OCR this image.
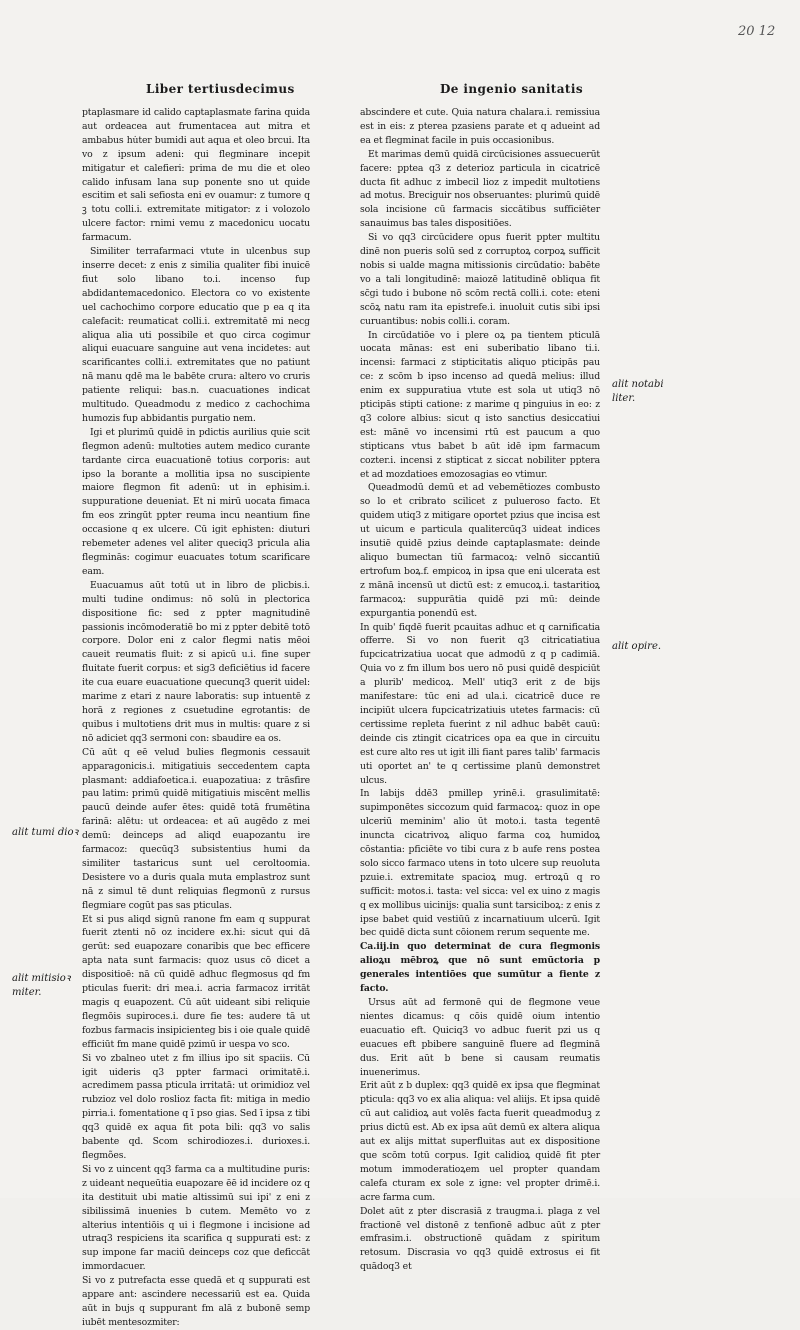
20 12
Liber tertiusdecimus	De ingenio sanitatis

ptaplasmare id calido captaplasmate farina quida aut ordeacea aut frumentacea aut mitra et ambabus hu̇ter bumidi aut aqua et oleo brcui. Ita vo z ipsum adeni: qui flegminare incepit mitigatur et calefieri: prima de mu die et oleo calido infusam lana sup ponente sno ut quide escitim et sali sefiosta eni ev ouamur: z tumore q ꝫ totu colli.i. extremitate mitigator: z i volozolo ulcere factor: rnimi vemu z macedonicu uocatu farmacum.

Similiter terrafarmaci vtute in ulcenbus sup inserre decet: z enis z similia qualiter fibi inuicē fiut solo libano to.i. incenso fup abdidantemacedonico. Electora co vo existente uel cachochimo corpore educatio que p ea q ita calefacit: reumaticat colli.i. extremitatē mi necg aliqua alia uti possibile et quo circa cogimur aliqui euacuare sanguine aut vena incidetes: aut scarificantes colli.i. extremitates que no patiunt nā manu qdē ma le babēte crura: altero vo cruris patiente reliqui: bas.n. cuacuationes indicat multitudo. Queadmodu z medico z cachochima humozis fup abbidantis purgatio nem.

Igi et plurimū quidē in pdictis aurilius quie scit flegmon adenū: multoties autem medico curante tardante circa euacuationē totius corporis: aut ipso la borante a mollitia ipsa no suscipiente maiore flegmon fit adenū: ut in ephisim.i. suppuratione deueniat. Et ni mirū uocata fimaca fm eos zringūt ppter reuma incu neantium fine occasione q ex ulcere. Cū igit ephisten: diuturi rebemeter adenes vel aliter queciq3 pricula alia flegminās: cogimur euacuates totum scarificare eam.

Euacuamus aūt totū ut in libro de plicbis.i. multi tudine ondimus: nō solū in plectorica dispositione fic: sed z ppter magnitudinē passionis incōmoderatiē bo mi z ppter debitē totō corpore. Dolor eni z calor flegmi natis mēoi caueit reumatis fluit: z si apicū u.i. fine super fluitate fuerit corpus: et sig3 deficiētius id facere ite cua euare euacuatione quecunq3 querit uidel: marime z etari z naure laboratis: sup intuentē z horā z regiones z csuetudine egrotantis: de quibus i multotiens drit mus in multis: quare z si nō adiciet qq3 sermoni con: sbaudire ea os.

Cū aūt q eē velud bulies flegmonis cessauit apparagonicis.i. mitigatiuis seccedentem capta plasmant: addiafoetica.i. euapozatiua: z trāsfire pau latim: primū quidē mitigatiuis miscēnt mellis paucū deinde aufer ētes: quidē totā frumētina farinā: alētu: ut ordeacea: et aū augēdo z mei demū: deinceps ad aliqd euapozantu ire farmacoz: quecūq3 subsistentius humi da similiter tastaricus sunt uel ceroltoomia. Desistere vo a duris quala muta emplastroz sunt nā z simul tē dunt reliquias flegmonū z rursus flegmiare cogūt pas sas pticulas.

Et si pus aliqd signū ranone fm eam q suppurat fuerit ztenti nō oz incidere ex.hi: sicut qui dā gerūt: sed euapozare conaribis que bec efficere apta nata sunt farmacis: quoz usus cō dicet a dispositioē: nā cū quidē adhuc flegmosus qd fm pticulas fuerit: dri mea.i. acria farmacoz irritāt magis q euapozent. Cū aūt uideant sibi reliquie flegmōis supiroces.i. dure fie tes: audere tā ut fozbus farmacis insipicienteg bis i oie quale quidē efficiūt fm mane quidē pzimū ir uespa vo sco.

Si vo zbalneo utet z fm illius ipo sit spaciis. Cū igit uideris q3 ppter farmaci orimitatē.i. acredimem passa pticula irritatā: ut orimidioz vel rubzioz vel dolo roslioz facta fit: mitiga in medio pirria.i. fomentatione q ī pso gias. Sed ī ipsa z tibi qq3 quidē ex aqua fit pota bili: qq3 vo salis babente qd. Scom schirodiozes.i. durioxes.i. flegmões.

Si vo z uincent qq3 farma ca a multitudine puris: z uideant nequeūtia euapozare ēē id incidere oz q ita destituit ubi matie altissimū sui ipi' z eni z sibilissimā inuenies b cutem. Memēto vo z alterius intentiōis q ui i flegmone i incisione ad utraq3 respiciens ita scarifica q suppurati est: z sup impone far maciū deinceps coz que deficcāt immordacuer.

Si vo z putrefacta esse quedā et q suppurati est appare ant: ascindere necessariū est ea. Quida aūt in bujs q suppurant fm alā z bubonē semp iubēt mentesozmiter:

abscindere et cute. Quia natura chalara.i. remissiua est in eis: z pterea pzasiens parate et q adueint ad ea et flegminat facile in puis occasionibus.

Et marimas demū quidā circūcisiones assuecuerūt facere: pptea q3 z deterioz particula in cicatricē ducta fit adhuc z imbecil lioz z impedit multotiens ad motus. Breciguir nos obseruantes: plurimū quidē sola incisione cū farmacis siccātibus sufficiēter sanauimus bas tales dispositiōes.

Si vo qq3 circūcidere opus fuerit ppter multitu dinē non pueris solū sed z corruptoꝝ corpoꝝ sufficit nobis si ualde magna mitissionis circūdatio: babēte vo a tali longitudinē: maiozē latitudinē obliqua fit sc̄gi tudo i bubone nō scōm rectā colli.i. cote: eteni scōꝝ natu ram ita epistrefe.i. inuoluit cutis sibi ipsi curuantibus: nobis colli.i. coram.

In circūdatiōe vo i plere oꝝ pa tientem pticulā uocata mānas: est eni suberibatio libano ti.i. incensi: farmaci z stipticitatis aliquo pticipās pau ce: z scōm b ipso incenso ad quedā melius: illud enim ex suppuratiua vtute est sola ut utiq3 nō pticipās stipti catione: z marime q pinguius in eo: z q3 colore albius: sicut q isto sanctius desiccatiui est: mānē vo incensimi rtū est paucum a quo stipticans vtus babet b aūt idē ipm farmacum cozter.i. incensi z stipticat z siccat nobiliter pptera et ad mozdatioes emozosagias eo vtimur.

Queadmodū demū et ad vebemētiozes combusto so lo et cribrato scilicet z pulueroso facto. Et quidem utiq3 z mitigare oportet pzius que incisa est ut uicum e particula qualitercūq3 uideat indices insutiē quidē pzius deinde captaplasmate: deinde aliquo bumectan tiū farmacoꝝ: velnō siccantiū ertrofum boꝝ.f. empicoꝝ in ipsa que eni ulcerata est z mānā incensū ut dictū est: z emucoꝝ.i. tastaritioꝝ farmacoꝝ: suppurātia quidē pzi mū: deinde expurgantia ponendū est.

In quib' fiqdē fuerit pcauitas adhuc et q carnificatia offerre. Si vo non fuerit q3 citricatiatiua fupcicatrizatiua uocat que admodū z q p cadimiā. Quia vo z fm illum bos uero nō pusi quidē despiciūt a plurib' medicoꝝ. Mell' utiq3 erit z de bijs manifestare: tūc eni ad ula.i. cicatricē duce re incipiūt ulcera fupcicatrizatiuis utetes farmacis: cū certissime repleta fuerint z nil adhuc babēt cauū: deinde cis ztingit cicatrices opa ea que in circuitu est cure alto res ut igit illi fiant pares talib' farmacis uti oportet an' te q certissime planū demonstret ulcus.

In labijs ḋdē3 pmillep yrinē.i. grasulimitatē: supimponētes siccozum quid farmacoꝝ: quoz in ope ulceriū meminim' alio ūt moto.i. tasta tegentē inuncta cicatrivoꝝ aliquo farma coꝝ humidoꝝ cōstantia: pficiēte vo tibi cura z b aufe rens postea solo sicco farmaco utens in toto ulcere sup reuoluta pzuie.i. extremitate spacioꝝ mug. ertroꝝū q ro sufficit: motos.i. tasta: vel sicca: vel ex uino z magis q ex mollibus uicinijs: qualia sunt tarsiciboꝝ: z enis z ipse babet quid vestiūū z incarnatiuum ulcerū. Igit bec quidē dicta sunt cōionem rerum sequente me.

Ca.iij.in quo determinat de cura flegmonis alioꝝu mēbroꝝ que nō sunt emūctoria p generales intentiōes que sumūtur a fiente z facto.

Ursus aūt ad fermonē qui de flegmone veue nientes dicamus: q cōis quidē oium intentio euacuatio eft. Quiciq3 vo adbuc fuerit pzi us q euacues eft pbibere sanguinē fluere ad flegminā dus. Erit aūt b bene si causam reumatis inuenerimus.

Erit aūt z b duplex: qq3 quidē ex ipsa que flegminat pticula: qq3 vo ex alia aliqua: vel aliijs. Et ipsa quidē cū aut calidioꝝ aut volēs facta fuerit queadmoduꝫ z prius dictū est. Ab ex ipsa aūt demū ex altera aliqua aut ex alijs mittat superfluitas aut ex dispositione que scōm totū corpus. Igit calidioꝝ quidē fit pter motum immoderatioꝝem uel propter quandam calefa cturam ex sole z igne: vel propter drimē.i. acre farma cum.

Dolet aūt z pter discrasiā z traugma.i. plaga z vel fractionē vel distonē z tenfionē adbuc aūt z pter emfrasim.i. obstructionē quādam z spiritum retosum. Discrasia vo qq3 quidē extrosus ei fit quādoq3 et

alit tumi dioꝛ
alit mitisioꝛ miter.
alit notabi liter.
alit opire.
